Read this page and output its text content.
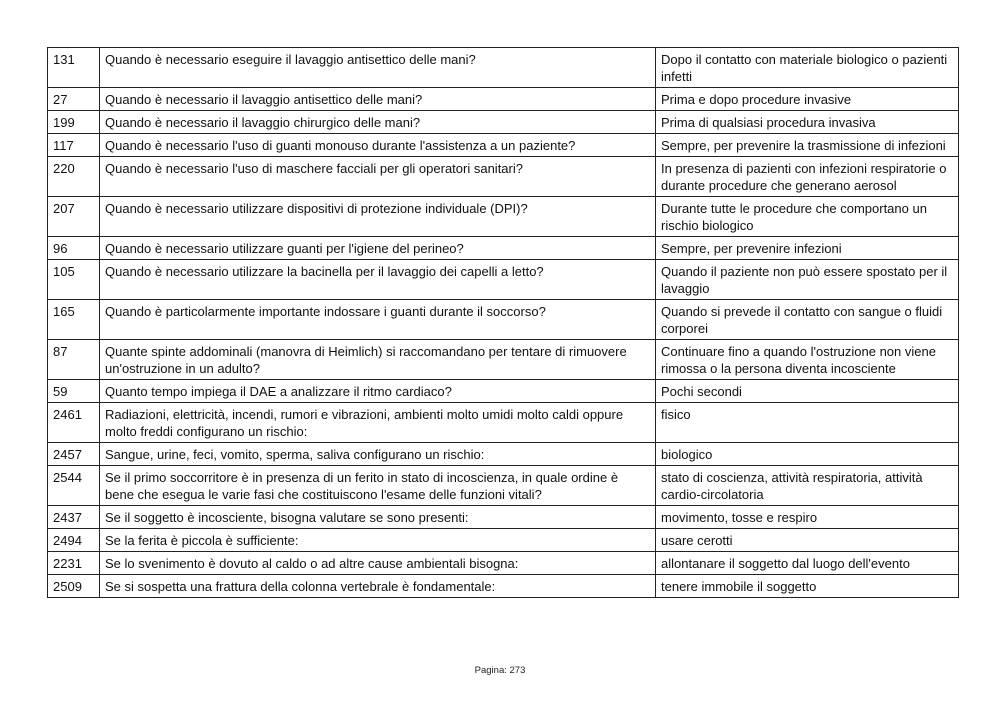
131	Quando è necessario eseguire il lavaggio antisettico delle mani?	Dopo il contatto con materiale biologico o pazienti infetti
27	Quando è necessario il lavaggio antisettico delle mani?	Prima e dopo procedure invasive
199	Quando è necessario il lavaggio chirurgico delle mani?	Prima di qualsiasi procedura invasiva
117	Quando è necessario l'uso di guanti monouso durante l'assistenza a un paziente?	Sempre, per prevenire la trasmissione di infezioni
220	Quando è necessario l'uso di maschere facciali per gli operatori sanitari?	In presenza di pazienti con infezioni respiratorie o durante procedure che generano aerosol
207	Quando è necessario utilizzare dispositivi di protezione individuale (DPI)?	Durante tutte le procedure che comportano un rischio biologico
96	Quando è necessario utilizzare guanti per l'igiene del perineo?	Sempre, per prevenire infezioni
105	Quando è necessario utilizzare la bacinella per il lavaggio dei capelli a letto?	Quando il paziente non può essere spostato per il lavaggio
165	Quando è particolarmente importante indossare i guanti durante il soccorso?	Quando si prevede il contatto con sangue o fluidi corporei
87	Quante spinte addominali (manovra di Heimlich) si raccomandano per tentare di rimuovere un'ostruzione in un adulto?	Continuare fino a quando l'ostruzione non viene rimossa o la persona diventa incosciente
59	Quanto tempo impiega il DAE a analizzare il ritmo cardiaco?	Pochi secondi
2461	Radiazioni, elettricità, incendi, rumori e vibrazioni, ambienti molto umidi molto caldi oppure molto freddi configurano un rischio:	fisico
2457	Sangue, urine, feci, vomito, sperma, saliva configurano un rischio:	biologico
2544	Se il primo soccorritore è in presenza di un ferito in stato di incoscienza, in quale ordine è bene che esegua le varie fasi che costituiscono l'esame delle funzioni vitali?	stato di coscienza, attività respiratoria, attività cardio-circolatoria
2437	Se il soggetto è incosciente, bisogna valutare se sono presenti:	movimento, tosse e respiro
2494	Se la ferita è piccola è sufficiente:	usare cerotti
2231	Se lo svenimento è dovuto al caldo o ad altre cause ambientali bisogna:	allontanare il soggetto dal luogo dell'evento
2509	Se si sospetta una frattura della colonna vertebrale è fondamentale:	tenere immobile il soggetto
Pagina: 273
